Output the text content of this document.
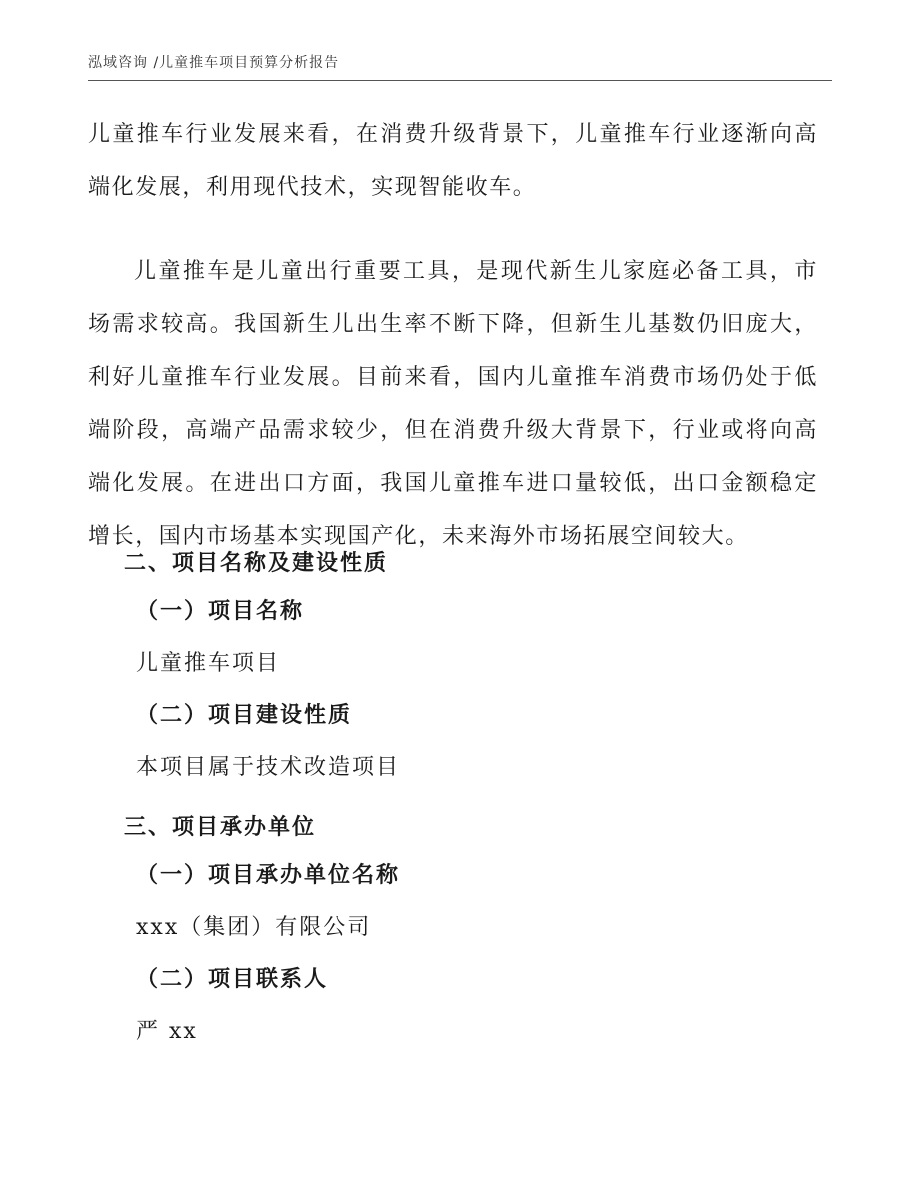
泓域咨询 /儿童推车项目预算分析报告
儿童推车行业发展来看，在消费升级背景下，儿童推车行业逐渐向高端化发展，利用现代技术，实现智能收车。
儿童推车是儿童出行重要工具，是现代新生儿家庭必备工具，市场需求较高。我国新生儿出生率不断下降，但新生儿基数仍旧庞大，利好儿童推车行业发展。目前来看，国内儿童推车消费市场仍处于低端阶段，高端产品需求较少，但在消费升级大背景下，行业或将向高端化发展。在进出口方面，我国儿童推车进口量较低，出口金额稳定增长，国内市场基本实现国产化，未来海外市场拓展空间较大。
二、项目名称及建设性质
（一）项目名称
儿童推车项目
（二）项目建设性质
本项目属于技术改造项目
三、项目承办单位
（一）项目承办单位名称
xxx（集团）有限公司
（二）项目联系人
严 xx
